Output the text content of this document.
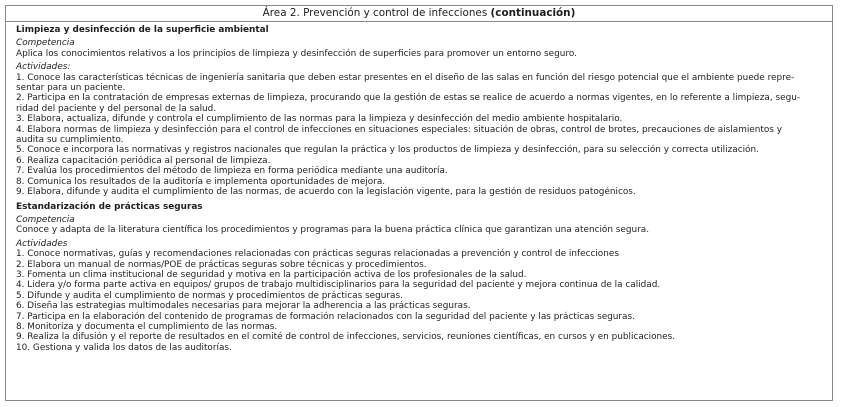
Área 2. Prevención y control de infecciones (continuación)
Limpieza y desinfección de la superficie ambiental
Competencia
Aplica los conocimientos relativos a los principios de limpieza y desinfección de superficies para promover un entorno seguro.
Actividades:
1. Conoce las características técnicas de ingeniería sanitaria que deben estar presentes en el diseño de las salas en función del riesgo potencial que el ambiente puede repre-
sentar para un paciente.
2. Participa en la contratación de empresas externas de limpieza, procurando que la gestión de estas se realice de acuerdo a normas vigentes, en lo referente a limpieza, segu-
ridad del paciente y del personal de la salud.
3. Elabora, actualiza, difunde y controla el cumplimiento de las normas para la limpieza y desinfección del medio ambiente hospitalario.
4. Elabora normas de limpieza y desinfección para el control de infecciones en situaciones especiales: situación de obras, control de brotes, precauciones de aislamientos y
audita su cumplimiento.
5. Conoce e incorpora las normativas y registros nacionales que regulan la práctica y los productos de limpieza y desinfección, para su selección y correcta utilización.
6. Realiza capacitación periódica al personal de limpieza.
7. Evalúa los procedimientos del método de limpieza en forma periódica mediante una auditoría.
8. Comunica los resultados de la auditoría e implementa oportunidades de mejora.
9. Elabora, difunde y audita el cumplimiento de las normas, de acuerdo con la legislación vigente, para la gestión de residuos patogénicos.
Estandarización de prácticas seguras
Competencia
Conoce y adapta de la literatura científica los procedimientos y programas para la buena práctica clínica que garantizan una atención segura.
Actividades
1. Conoce normativas, guías y recomendaciones relacionadas con prácticas seguras relacionadas a prevención y control de infecciones
2. Elabora un manual de normas/POE de prácticas seguras sobre técnicas y procedimientos.
3. Fomenta un clima institucional de seguridad y motiva en la participación activa de los profesionales de la salud.
4. Lidera y/o forma parte activa en equipos/ grupos de trabajo multidisciplinarios para la seguridad del paciente y mejora continua de la calidad.
5. Difunde y audita el cumplimiento de normas y procedimientos de prácticas seguras.
6. Diseña las estrategias multimodales necesarias para mejorar la adherencia a las prácticas seguras.
7. Participa en la elaboración del contenido de programas de formación relacionados con la seguridad del paciente y las prácticas seguras.
8. Monitoriza y documenta el cumplimiento de las normas.
9. Realiza la difusión y el reporte de resultados en el comité de control de infecciones, servicios, reuniones científicas, en cursos y en publicaciones.
10. Gestiona y valida los datos de las auditorías.
